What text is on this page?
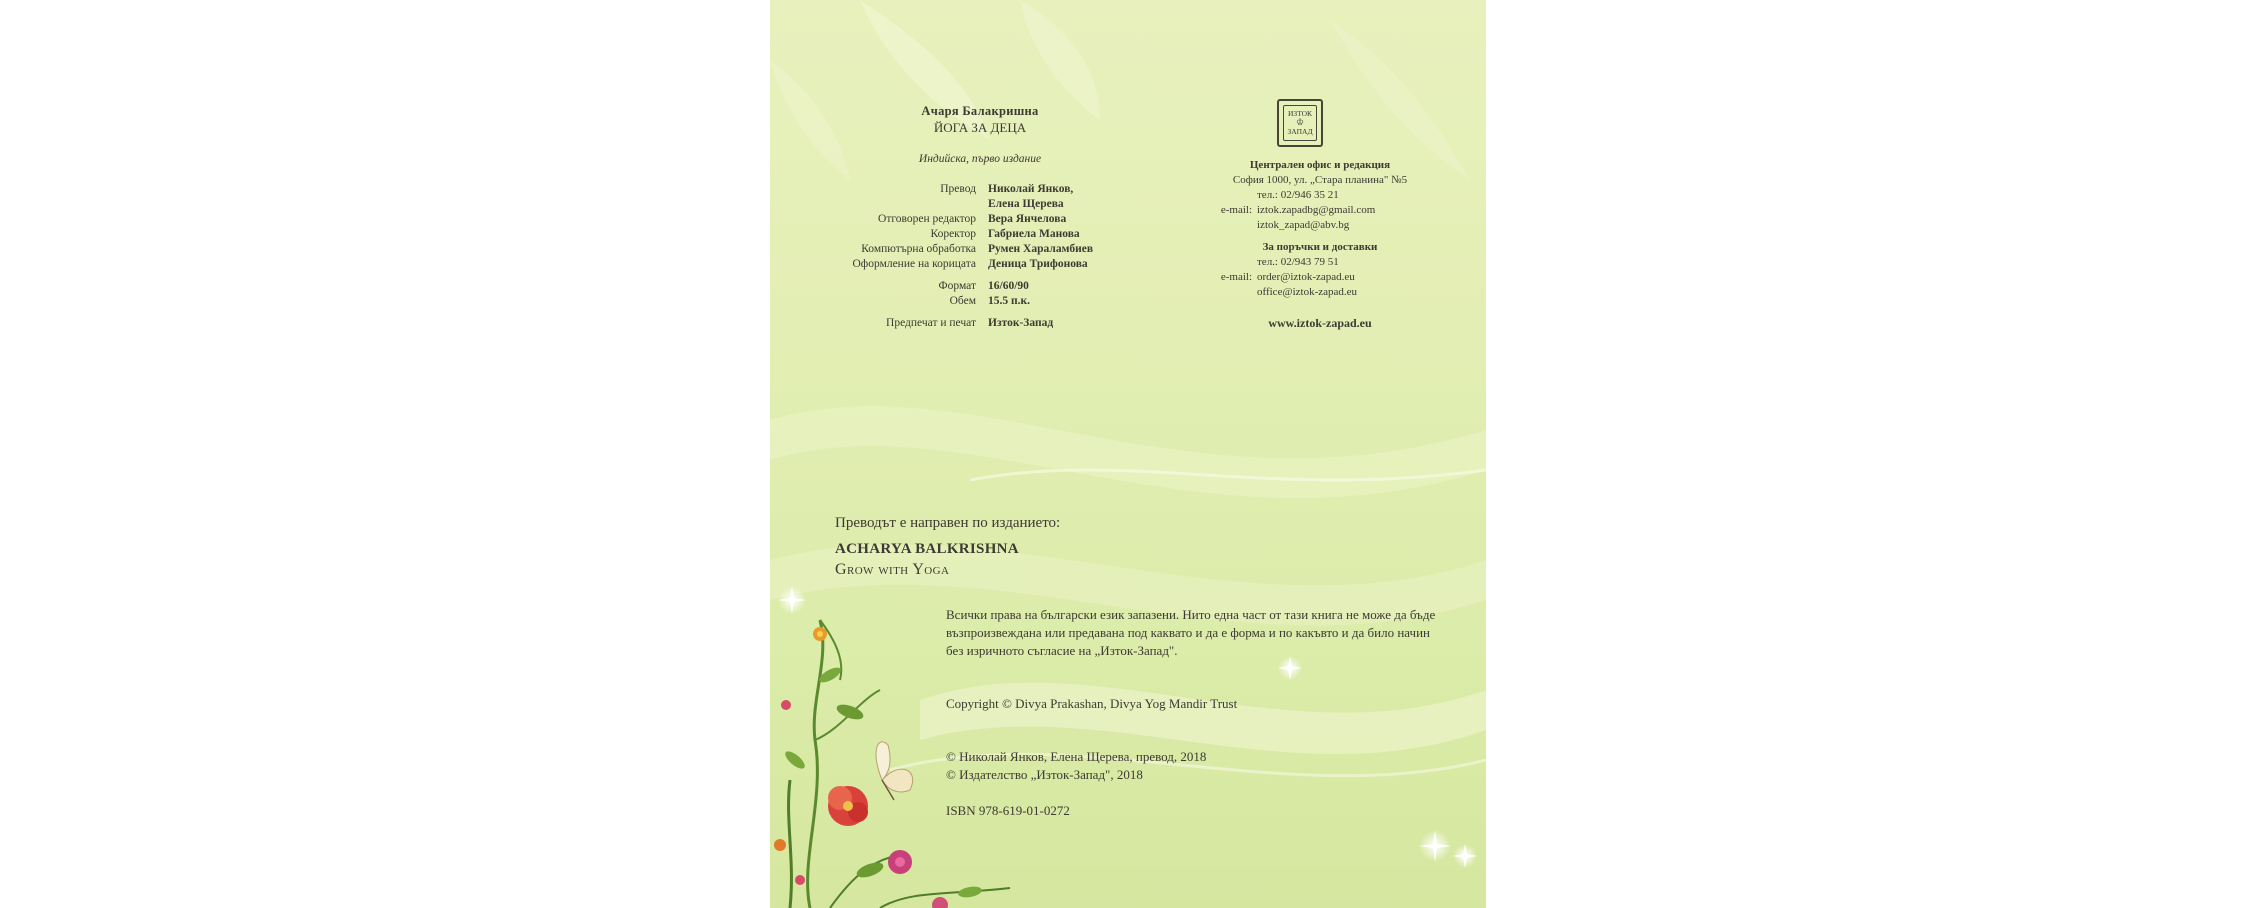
Ачаря Балакришна
ЙОГА ЗА ДЕЦА
Индийска, първо издание
Превод Николай Янков,
Елена Щерева
Отговорен редактор Вера Янчелова
Коректор Габриела Манова
Компютърна обработка Румен Хараламбиев
Оформление на корицата Деница Трифонова
Формат 16/60/90
Обем 15.5 п.к.
Предпечат и печат Изток-Запад
ИЗТОК
♔
ЗАПАД
Централен офис и редакция
София 1000, ул. „Стара планина" №5
тел.: 02/946 35 21
e-mail: iztok.zapadbg@gmail.com
iztok_zapad@abv.bg
За поръчки и доставки
тел.: 02/943 79 51
e-mail: order@iztok-zapad.eu
office@iztok-zapad.eu
www.iztok-zapad.eu
Преводът е направен по изданието:
ACHARYA BALKRISHNA
Grow with Yoga
Всички права на български език запазени. Нито една част от тази книга не може да бъде възпроизвеждана или предавана под каквато и да е форма и по какъвто и да било начин без изричното съгласие на „Изток-Запад".
Copyright © Divya Prakashan, Divya Yog Mandir Trust
© Николай Янков, Елена Щерева, превод, 2018
© Издателство „Изток-Запад", 2018
ISBN 978-619-01-0272
